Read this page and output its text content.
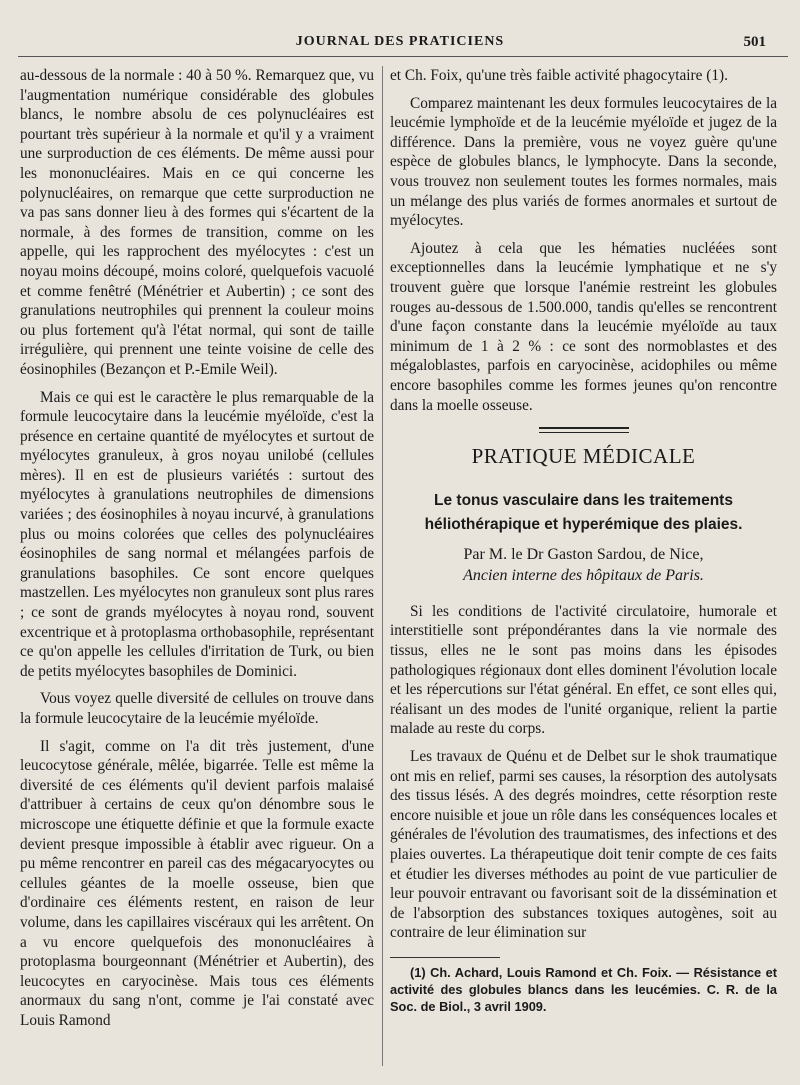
JOURNAL DES PRATICIENS	501

au-dessous de la normale : 40 à 50 %. Remarquez que, vu l'augmentation numérique considérable des globules blancs, le nombre absolu de ces polynucléaires est pourtant très supérieur à la normale et qu'il y a vraiment une surproduction de ces éléments. De même aussi pour les mononucléaires. Mais en ce qui concerne les polynucléaires, on remarque que cette surproduction ne va pas sans donner lieu à des formes qui s'écartent de la normale, à des formes de transition, comme on les appelle, qui les rapprochent des myélocytes : c'est un noyau moins découpé, moins coloré, quelquefois vacuolé et comme fenêtré (Ménétrier et Aubertin) ; ce sont des granulations neutrophiles qui prennent la couleur moins ou plus fortement qu'à l'état normal, qui sont de taille irrégulière, qui prennent une teinte voisine de celle des éosinophiles (Bezançon et P.-Emile Weil).

Mais ce qui est le caractère le plus remarquable de la formule leucocytaire dans la leucémie myéloïde, c'est la présence en certaine quantité de myélocytes et surtout de myélocytes granuleux, à gros noyau unilobé (cellules mères). Il en est de plusieurs variétés : surtout des myélocytes à granulations neutrophiles de dimensions variées ; des éosinophiles à noyau incurvé, à granulations plus ou moins colorées que celles des polynucléaires éosinophiles de sang normal et mélangées parfois de granulations basophiles. Ce sont encore quelques mastzellen. Les myélocytes non granuleux sont plus rares ; ce sont de grands myélocytes à noyau rond, souvent excentrique et à protoplasma orthobasophile, représentant ce qu'on appelle les cellules d'irritation de Turk, ou bien de petits myélocytes basophiles de Dominici.

Vous voyez quelle diversité de cellules on trouve dans la formule leucocytaire de la leucémie myéloïde.

Il s'agit, comme on l'a dit très justement, d'une leucocytose générale, mêlée, bigarrée. Telle est même la diversité de ces éléments qu'il devient parfois malaisé d'attribuer à certains de ceux qu'on dénombre sous le microscope une étiquette définie et que la formule exacte devient presque impossible à établir avec rigueur. On a pu même rencontrer en pareil cas des mégacaryocytes ou cellules géantes de la moelle osseuse, bien que d'ordinaire ces éléments restent, en raison de leur volume, dans les capillaires viscéraux qui les arrêtent. On a vu encore quelquefois des mononucléaires à protoplasma bourgeonnant (Ménétrier et Aubertin), des leucocytes en caryocinèse. Mais tous ces éléments anormaux du sang n'ont, comme je l'ai constaté avec Louis Ramond

et Ch. Foix, qu'une très faible activité phagocytaire (1).

Comparez maintenant les deux formules leucocytaires de la leucémie lymphoïde et de la leucémie myéloïde et jugez de la différence. Dans la première, vous ne voyez guère qu'une espèce de globules blancs, le lymphocyte. Dans la seconde, vous trouvez non seulement toutes les formes normales, mais un mélange des plus variés de formes anormales et surtout de myélocytes.

Ajoutez à cela que les hématies nucléées sont exceptionnelles dans la leucémie lymphatique et ne s'y trouvent guère que lorsque l'anémie restreint les globules rouges au-dessous de 1.500.000, tandis qu'elles se rencontrent d'une façon constante dans la leucémie myéloïde au taux minimum de 1 à 2 % : ce sont des normoblastes et des mégaloblastes, parfois en caryocinèse, acidophiles ou même encore basophiles comme les formes jeunes qu'on rencontre dans la moelle osseuse.

PRATIQUE MÉDICALE
Le tonus vasculaire dans les traitements
héliothérapique et hyperémique des plaies.
Par M. le Dr Gaston Sardou, de Nice,
Ancien interne des hôpitaux de Paris.

Si les conditions de l'activité circulatoire, humorale et interstitielle sont prépondérantes dans la vie normale des tissus, elles ne le sont pas moins dans les épisodes pathologiques régionaux dont elles dominent l'évolution locale et les répercutions sur l'état général. En effet, ce sont elles qui, réalisant un des modes de l'unité organique, relient la partie malade au reste du corps.

Les travaux de Quénu et de Delbet sur le shok traumatique ont mis en relief, parmi ses causes, la résorption des autolysats des tissus lésés. A des degrés moindres, cette résorption reste encore nuisible et joue un rôle dans les conséquences locales et générales de l'évolution des traumatismes, des infections et des plaies ouvertes. La thérapeutique doit tenir compte de ces faits et étudier les diverses méthodes au point de vue particulier de leur pouvoir entravant ou favorisant soit de la dissémination et de l'absorption des substances toxiques autogènes, soit au contraire de leur élimination sur

(1) Ch. Achard, Louis Ramond et Ch. Foix. — Résistance et activité des globules blancs dans les leucémies. C. R. de la Soc. de Biol., 3 avril 1909.
